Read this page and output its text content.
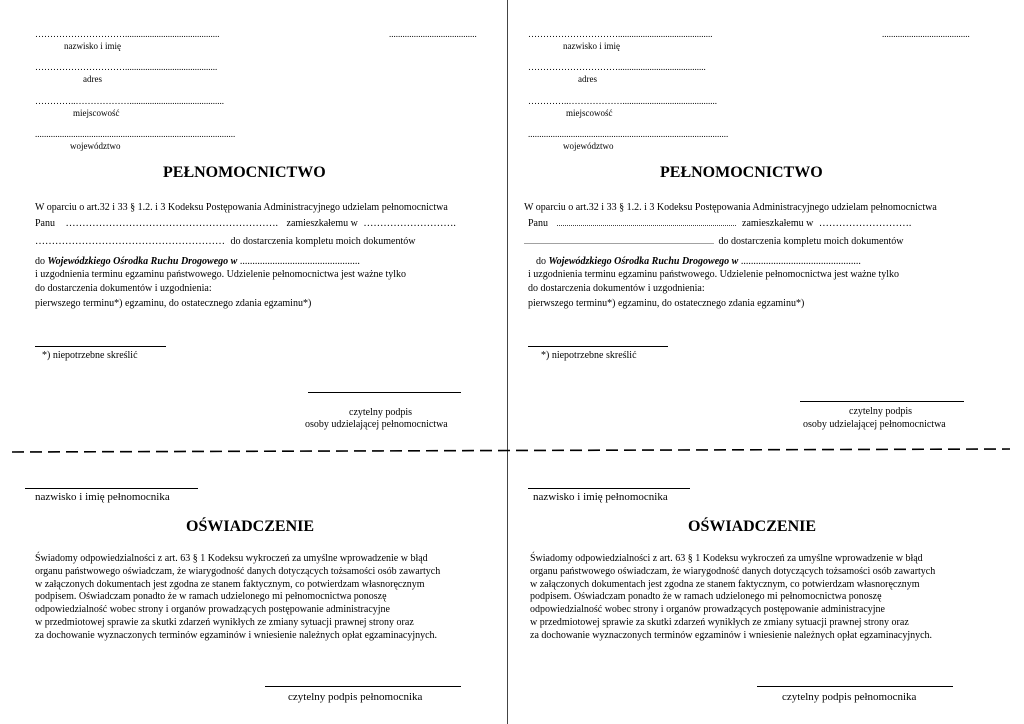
…………………………..........................................	.......................................
nazwisko i imię
………………………….........................................
adres
…………..………………..........................................
miejscowość
.........................................................................................
województwo
PEŁNOMOCNICTWO
W oparciu o art.32 i 33 § 1.2. i 3 Kodeksu Postępowania Administracyjnego udzielam pełnomocnictwa
Panu ………………………………………………………. zamieszkałemu w ……………………….
………………………………………………… do dostarczenia kompletu moich dokumentów
do Wojewódzkiego Ośrodka Ruchu Drogowego w ................................................
i uzgodnienia terminu egzaminu państwowego. Udzielenie pełnomocnictwa jest ważne tylko
do dostarczenia dokumentów i uzgodnienia:
pierwszego terminu*) egzaminu, do ostatecznego zdania egzaminu*)
*) niepotrzebne skreślić
czytelny podpis
osoby udzielającej pełnomocnictwa
nazwisko i imię pełnomocnika
OŚWIADCZENIE
Świadomy odpowiedzialności z art. 63 § 1 Kodeksu wykroczeń za umyślne wprowadzenie w błąd
organu państwowego oświadczam, że wiarygodność danych dotyczących tożsamości osób zawartych
w załączonych dokumentach jest zgodna ze stanem faktycznym, co potwierdzam własnoręcznym
podpisem. Oświadczam ponadto że w ramach udzielonego mi pełnomocnictwa ponoszę
odpowiedzialność wobec strony i organów prowadzących postępowanie administracyjne
w przedmiotowej sprawie za skutki zdarzeń wynikłych ze zmiany sytuacji prawnej strony oraz
za dochowanie wyznaczonych terminów egzaminów i wniesienie należnych opłat egzaminacyjnych.
czytelny podpis pełnomocnika
…………………………..........................................	.......................................
nazwisko i imię
………………………….......................................
adres
…………..………………..........................................
miejscowość
.........................................................................................
województwo
PEŁNOMOCNICTWO
W oparciu o art.32 i 33 § 1.2. i 3 Kodeksu Postępowania Administracyjnego udzielam pełnomocnictwa
Panu .......................................................................................... zamieszkałemu w ……………………….
............................................................................................... do dostarczenia kompletu moich dokumentów
do Wojewódzkiego Ośrodka Ruchu Drogowego w ................................................
i uzgodnienia terminu egzaminu państwowego. Udzielenie pełnomocnictwa jest ważne tylko
do dostarczenia dokumentów i uzgodnienia:
pierwszego terminu*) egzaminu, do ostatecznego zdania egzaminu*)
*) niepotrzebne skreślić
czytelny podpis
osoby udzielającej pełnomocnictwa
nazwisko i imię pełnomocnika
OŚWIADCZENIE
Świadomy odpowiedzialności z art. 63 § 1 Kodeksu wykroczeń za umyślne wprowadzenie w błąd
organu państwowego oświadczam, że wiarygodność danych dotyczących tożsamości osób zawartych
w załączonych dokumentach jest zgodna ze stanem faktycznym, co potwierdzam własnoręcznym
podpisem. Oświadczam ponadto że w ramach udzielonego mi pełnomocnictwa ponoszę
odpowiedzialność wobec strony i organów prowadzących postępowanie administracyjne
w przedmiotowej sprawie za skutki zdarzeń wynikłych ze zmiany sytuacji prawnej strony oraz
za dochowanie wyznaczonych terminów egzaminów i wniesienie należnych opłat egzaminacyjnych.
czytelny podpis pełnomocnika
